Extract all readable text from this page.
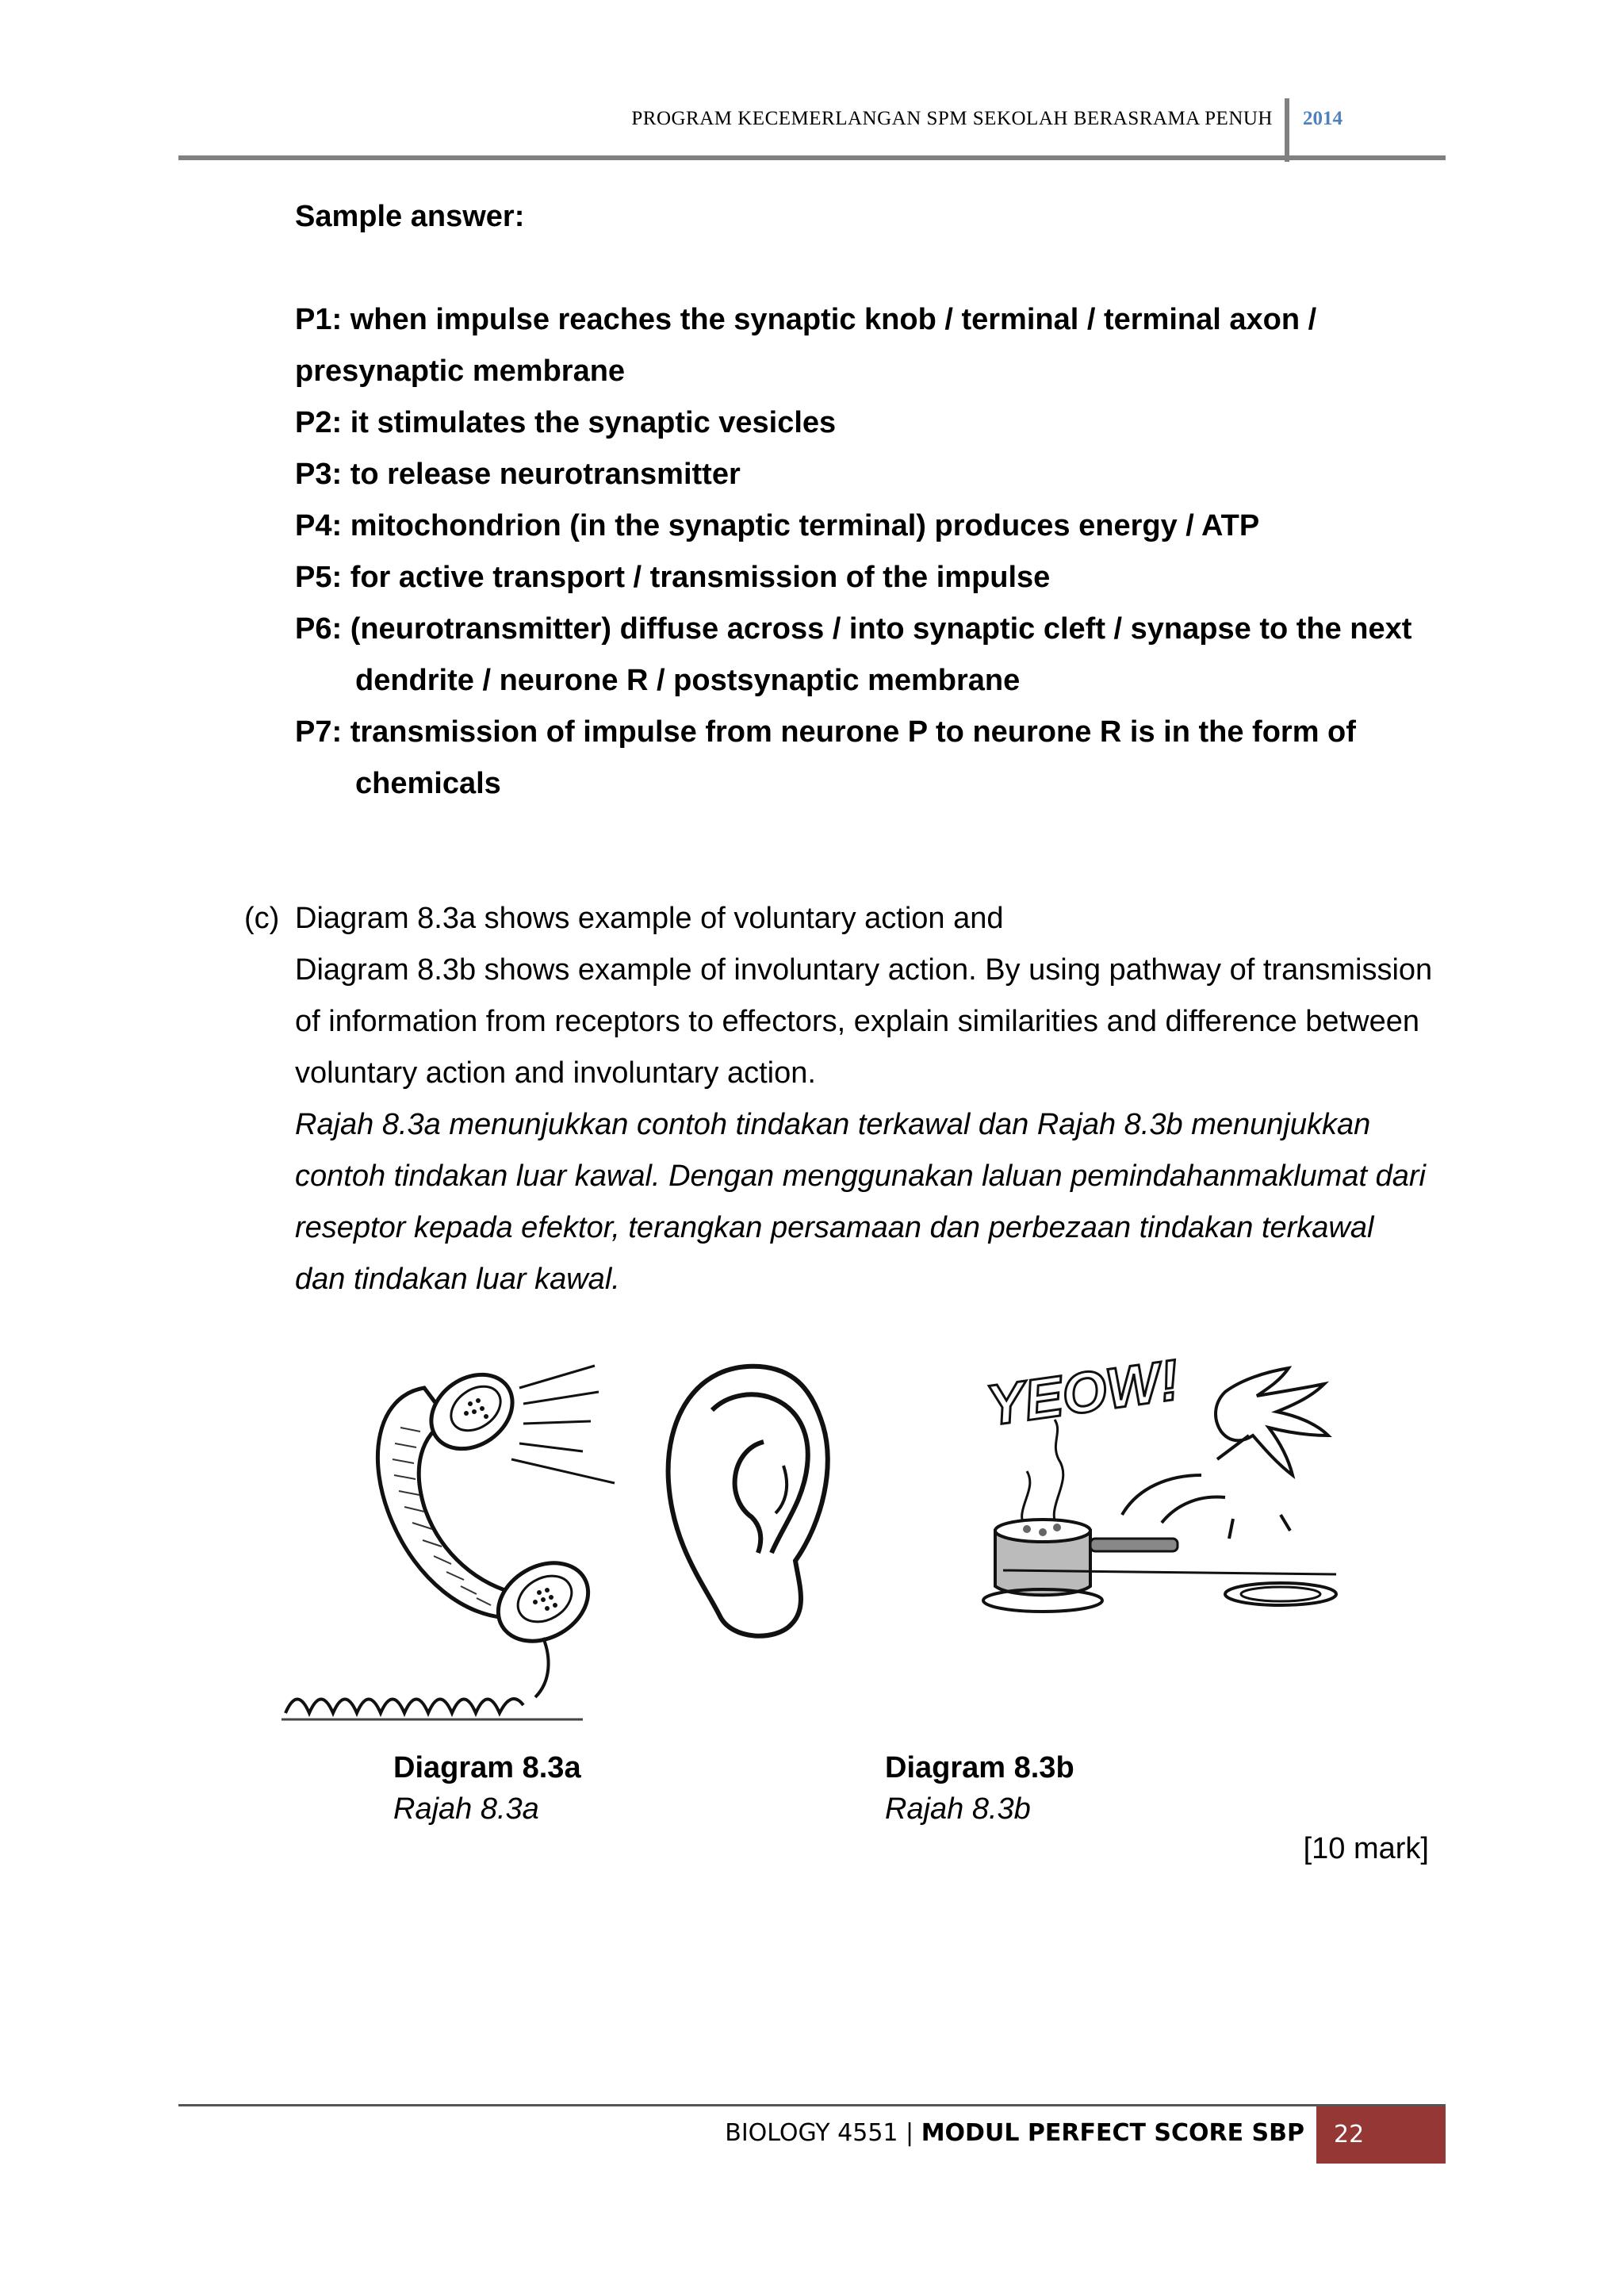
PROGRAM KECEMERLANGAN SPM SEKOLAH BERASRAMA PENUH 2014
Sample answer:
P1: when impulse reaches the synaptic knob / terminal / terminal axon /
presynaptic membrane
P2: it stimulates the synaptic vesicles
P3: to release neurotransmitter
P4: mitochondrion (in the synaptic terminal) produces energy / ATP
P5: for active transport / transmission of the impulse
P6: (neurotransmitter) diffuse across / into synaptic cleft / synapse to the next
dendrite / neurone R / postsynaptic membrane
P7: transmission of impulse from neurone P to neurone R is in the form of
chemicals
(c) Diagram 8.3a shows example of voluntary action and
Diagram 8.3b shows example of involuntary action. By using pathway of transmission
of information from receptors to effectors, explain similarities and difference between
voluntary action and involuntary action.
Rajah 8.3a menunjukkan contoh tindakan terkawal dan Rajah 8.3b menunjukkan
contoh tindakan luar kawal. Dengan menggunakan laluan pemindahanmaklumat dari
reseptor kepada efektor, terangkan persamaan dan perbezaan tindakan terkawal
dan tindakan luar kawal.
YEOW!
Diagram 8.3a
Rajah 8.3a
Diagram 8.3b
Rajah 8.3b
[10 mark]
BIOLOGY 4551 | MODUL PERFECT SCORE SBP	22
